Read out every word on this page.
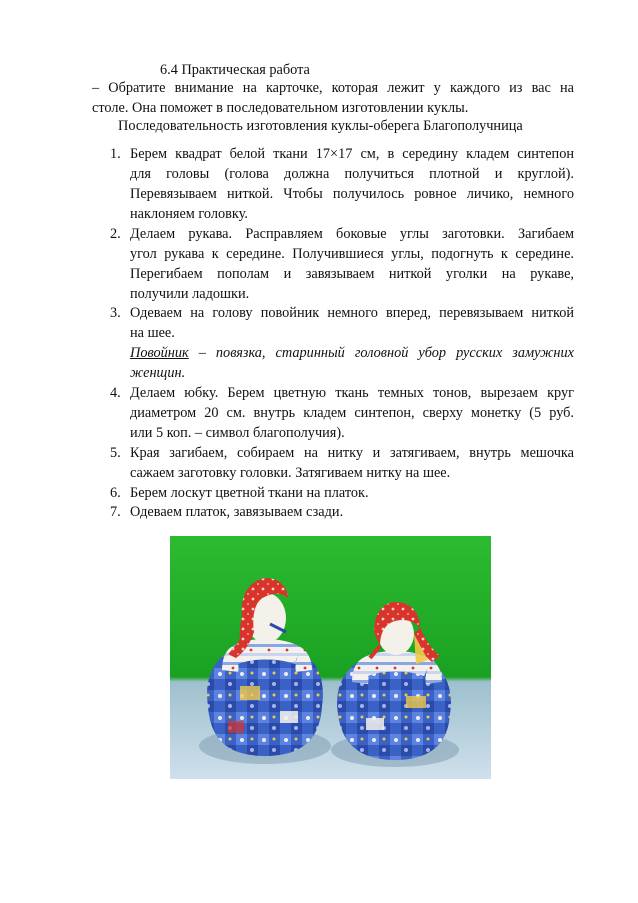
6.4 Практическая работа
– Обратите внимание на карточке, которая лежит у каждого из вас на
столе. Она поможет в последовательном изготовлении куклы.
Последовательность изготовления куклы-оберега Благополучница
1. Берем квадрат белой ткани 17×17 см, в середину кладем синтепон
для головы (голова должна получиться плотной и круглой).
Перевязываем ниткой. Чтобы получилось ровное личико, немного
наклоняем головку.
2. Делаем рукава. Расправляем боковые углы заготовки. Загибаем
угол рукава к середине. Получившиеся углы, подогнуть к середине.
Перегибаем пополам и завязываем ниткой уголки на рукаве,
получили ладошки.
3. Одеваем на голову повойник немного вперед, перевязываем ниткой
на шее.
Повойник – повязка, старинный головной убор русских замужних
женщин.
4. Делаем юбку. Берем цветную ткань темных тонов, вырезаем круг
диаметром 20 см. внутрь кладем синтепон, сверху монетку (5 руб.
или 5 коп. – символ благополучия).
5. Края загибаем, собираем на нитку и затягиваем, внутрь мешочка
сажаем заготовку головки. Затягиваем нитку на шее.
6. Берем лоскут цветной ткани на платок.
7. Одеваем платок, завязываем сзади.
